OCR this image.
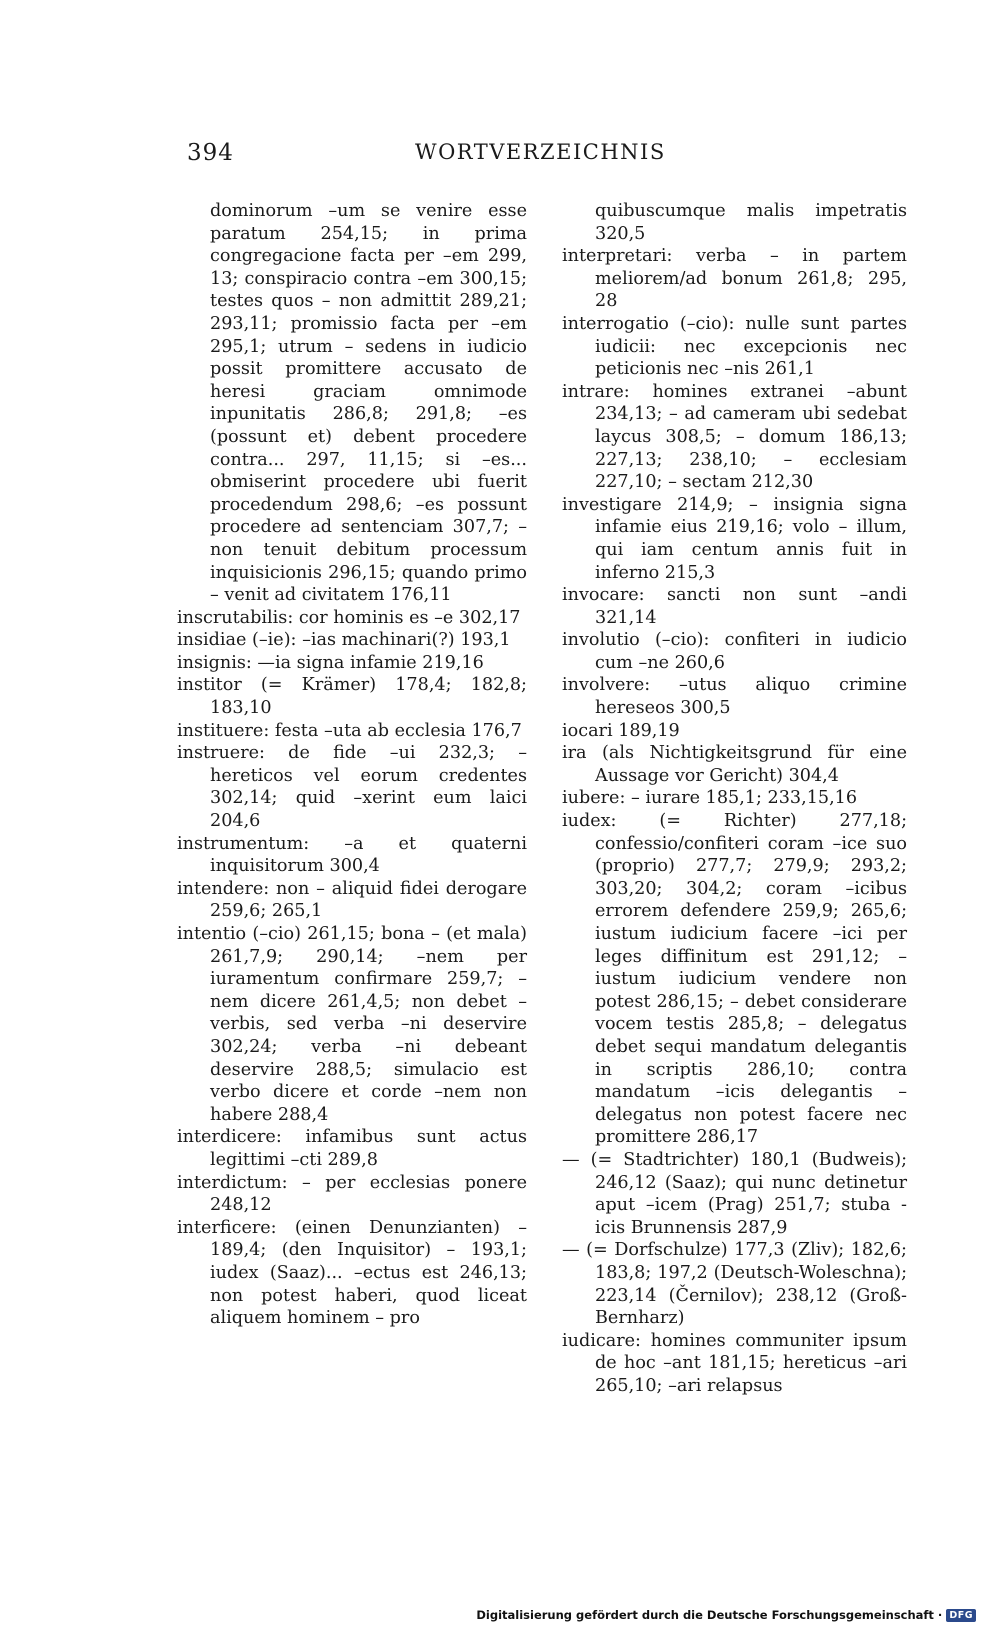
394	WORTVERZEICHNIS
dominorum –um se venire esse paratum 254,15; in prima congregacione facta per –em 299, 13; conspiracio contra –em 300,15; testes quos – non admittit 289,21; 293,11; promissio facta per –em 295,1; utrum – sedens in iudicio possit promittere accusato de heresi graciam omnimode inpunitatis 286,8; 291,8; –es (possunt et) debent procedere contra... 297, 11,15; si –es... obmiserint procedere ubi fuerit procedendum 298,6; –es possunt procedere ad sentenciam 307,7; – non tenuit debitum processum inquisicionis 296,15; quando primo – venit ad civitatem 176,11
inscrutabilis: cor hominis es –e 302,17
insidiae (–ie): –ias machinari(?) 193,1
insignis: —ia signa infamie 219,16
institor (= Krämer) 178,4; 182,8; 183,10
instituere: festa –uta ab ecclesia 176,7
instruere: de fide –ui 232,3; – hereticos vel eorum credentes 302,14; quid –xerint eum laici 204,6
instrumentum: –a et quaterni inquisitorum 300,4
intendere: non – aliquid fidei derogare 259,6; 265,1
intentio (–cio) 261,15; bona – (et mala) 261,7,9; 290,14; –nem per iuramentum confirmare 259,7; –nem dicere 261,4,5; non debet – verbis, sed verba –ni deservire 302,24; verba –ni debeant deservire 288,5; simulacio est verbo dicere et corde –nem non habere 288,4
interdicere: infamibus sunt actus legittimi –cti 289,8
interdictum: – per ecclesias ponere 248,12
interficere: (einen Denunzianten) – 189,4; (den Inquisitor) – 193,1; iudex (Saaz)... –ectus est 246,13; non potest haberi, quod liceat aliquem hominem – pro
quibuscumque malis impetratis 320,5
interpretari: verba – in partem meliorem/ad bonum 261,8; 295, 28
interrogatio (–cio): nulle sunt partes iudicii: nec excepcionis nec peticionis nec –nis 261,1
intrare: homines extranei –abunt 234,13; – ad cameram ubi sedebat laycus 308,5; – domum 186,13; 227,13; 238,10; – ecclesiam 227,10; – sectam 212,30
investigare 214,9; – insignia signa infamie eius 219,16; volo – illum, qui iam centum annis fuit in inferno 215,3
invocare: sancti non sunt –andi 321,14
involutio (–cio): confiteri in iudicio cum –ne 260,6
involvere: –utus aliquo crimine hereseos 300,5
iocari 189,19
ira (als Nichtigkeitsgrund für eine Aussage vor Gericht) 304,4
iubere: – iurare 185,1; 233,15,16
iudex: (= Richter) 277,18; confessio/confiteri coram –ice suo (proprio) 277,7; 279,9; 293,2; 303,20; 304,2; coram –icibus errorem defendere 259,9; 265,6; iustum iudicium facere –ici per leges diffinitum est 291,12; – iustum iudicium vendere non potest 286,15; – debet considerare vocem testis 285,8; – delegatus debet sequi mandatum delegantis in scriptis 286,10; contra mandatum –icis delegantis – delegatus non potest facere nec promittere 286,17
— (= Stadtrichter) 180,1 (Budweis); 246,12 (Saaz); qui nunc detinetur aput –icem (Prag) 251,7; stuba -icis Brunnensis 287,9
— (= Dorfschulze) 177,3 (Zliv); 182,6; 183,8; 197,2 (Deutsch-Woleschna); 223,14 (Černilov); 238,12 (Groß-Bernharz)
iudicare: homines communiter ipsum de hoc –ant 181,15; hereticus –ari 265,10; –ari relapsus
Digitalisierung gefördert durch die Deutsche Forschungsgemeinschaft · DFG
